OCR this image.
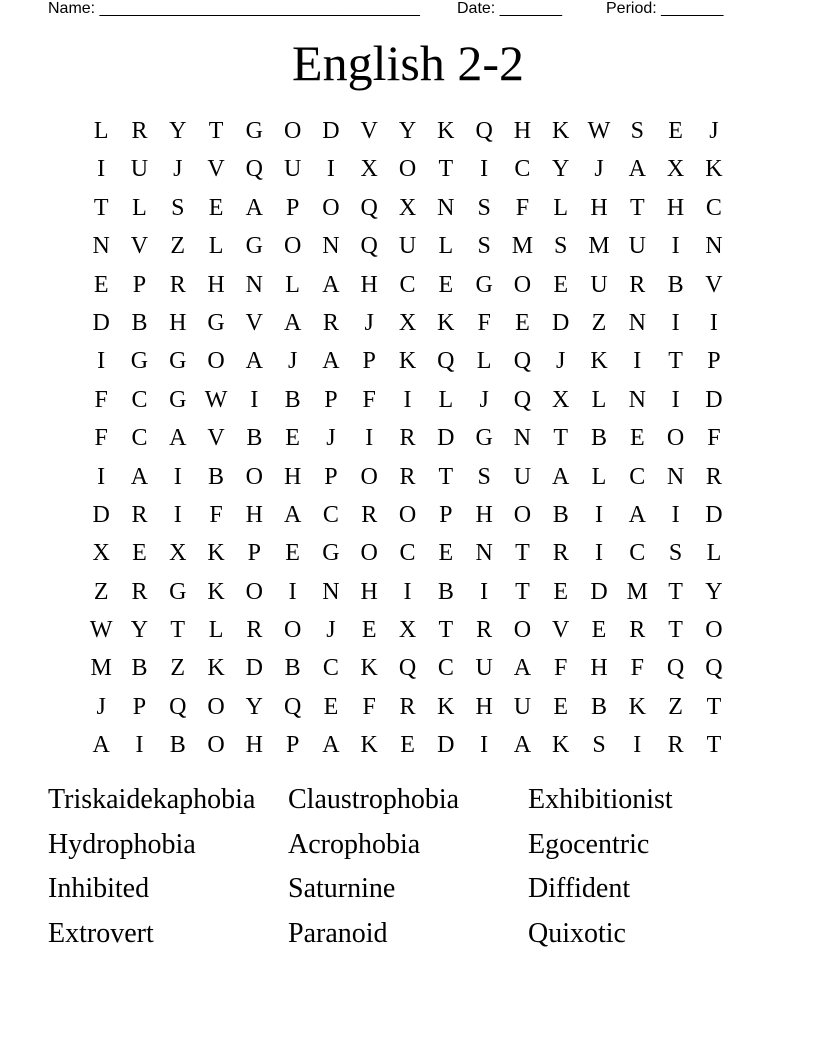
Name: ____________________________________ Date: _______	Period: _______
English 2-2
L R Y T G O D V Y K Q H K W S	E	J
I	U	J	V Q U	I	X O T	I	C Y	J	A X K
T L	S	E A P O Q X N S	F	L H T H C
N V Z L G O N Q U L	S M S M U	I	N
E	P R H N L A H C E G O E U R B V
D B H G V A R	J	X K F	E D Z N	I	I
I	G G O A	J	A P K Q L Q	J	K	I	T	P
F C G W I	B P	F	I	L	J	Q X L N	I	D
F C A V B E	J	I	R D G N T B E O F
I	A	I	B O H P O R T	S U A L C N R
D R	I	F H A C R O P H O B	I	A	I	D
X E X K P	E G O C E N T R	I	C S	L
Z R G K O	I	N H	I	B	I	T E D M T Y
W Y T L R O	J	E X T R O V E R T O
M B Z K D B C K Q C U A F H F Q Q
J	P Q O Y Q E	F R K H U E B K Z T
A	I	B O H P A K E D	I	A K S	I	R T
Triskaidekaphobia	Claustrophobia	Exhibitionist
Hydrophobia	Acrophobia	Egocentric
Inhibited	Saturnine	Diffident
Extrovert	Paranoid	Quixotic
